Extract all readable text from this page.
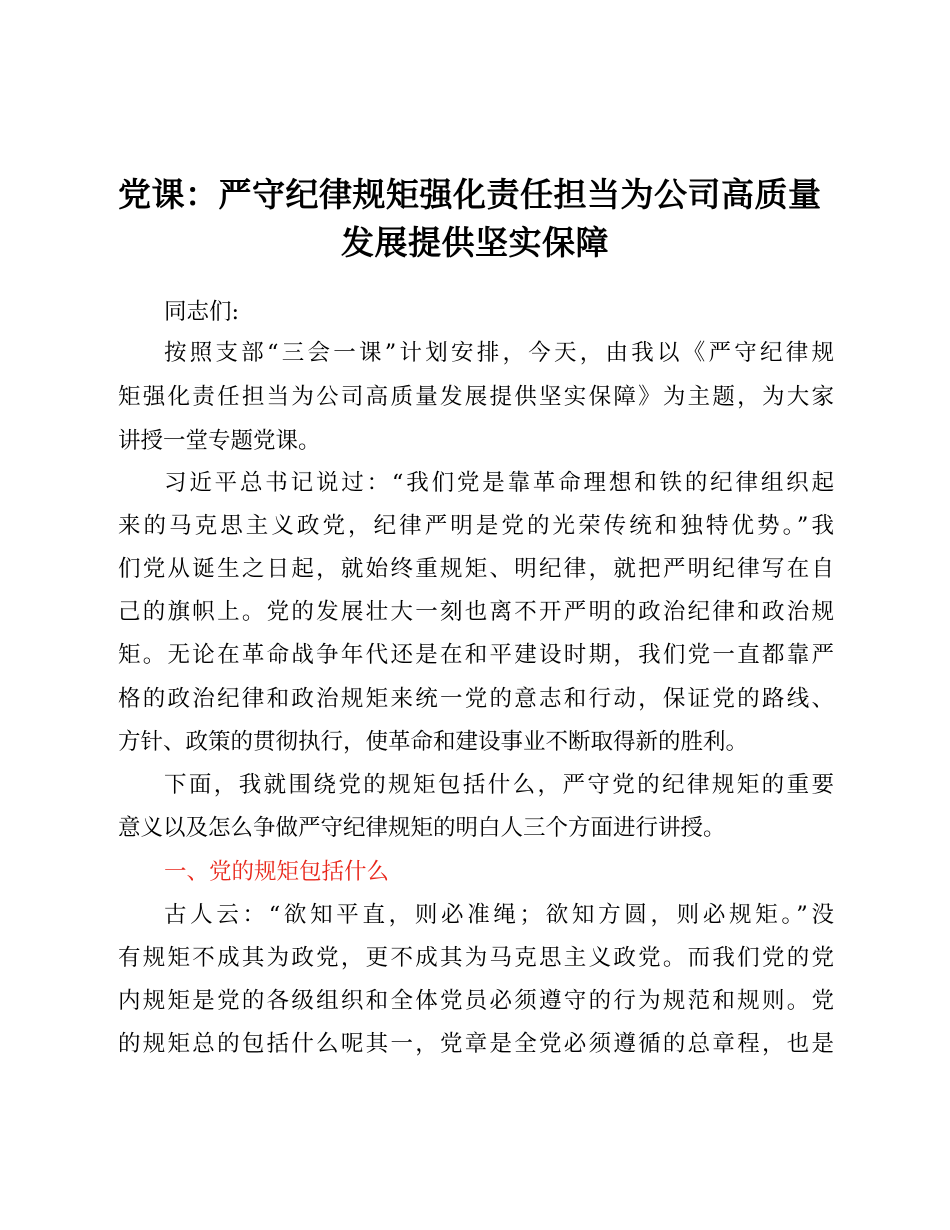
党课：严守纪律规矩强化责任担当为公司高质量
发展提供坚实保障
同志们:
按照支部“三会一课”计划安排，今天，由我以《严守纪律规
矩强化责任担当为公司高质量发展提供坚实保障》为主题，为大家
讲授一堂专题党课。
习近平总书记说过：“我们党是靠革命理想和铁的纪律组织起
来的马克思主义政党，纪律严明是党的光荣传统和独特优势。”我
们党从诞生之日起，就始终重规矩、明纪律，就把严明纪律写在自
己的旗帜上。党的发展壮大一刻也离不开严明的政治纪律和政治规
矩。无论在革命战争年代还是在和平建设时期，我们党一直都靠严
格的政治纪律和政治规矩来统一党的意志和行动，保证党的路线、
方针、政策的贯彻执行，使革命和建设事业不断取得新的胜利。
下面，我就围绕党的规矩包括什么，严守党的纪律规矩的重要
意义以及怎么争做严守纪律规矩的明白人三个方面进行讲授。
一、党的规矩包括什么
古人云：“欲知平直，则必准绳；欲知方圆，则必规矩。”没
有规矩不成其为政党，更不成其为马克思主义政党。而我们党的党
内规矩是党的各级组织和全体党员必须遵守的行为规范和规则。党
的规矩总的包括什么呢其一，党章是全党必须遵循的总章程，也是
